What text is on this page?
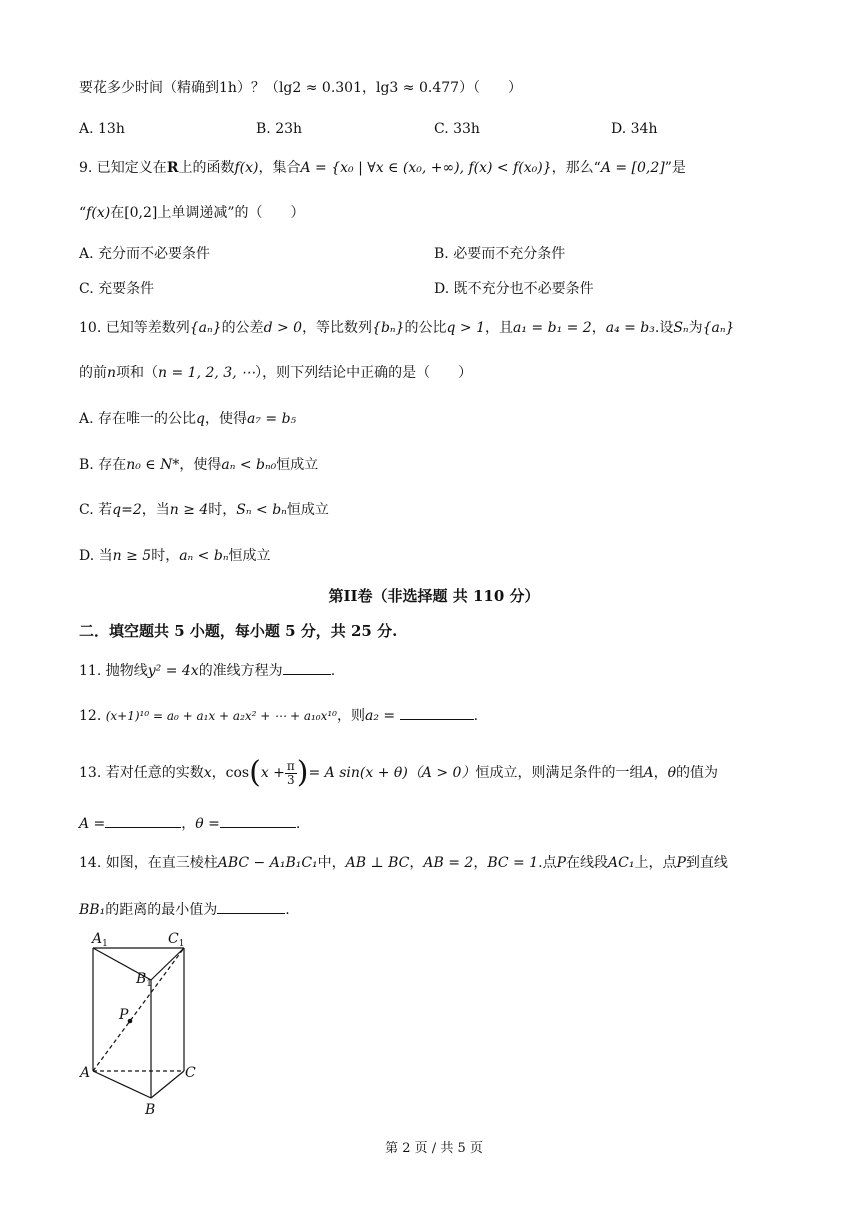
要花多少时间（精确到1h）？（lg2 ≈ 0.301，lg3 ≈ 0.477）（　　）
A. 13h	B. 23h	C. 33h	D. 34h
9. 已知定义在R上的函数f(x)，集合A = {x₀ | ∀x ∈ (x₀, +∞), f(x) < f(x₀)}，那么“A = [0,2]”是
“f(x)在[0,2]上单调递减”的（　　）
A. 充分而不必要条件	B. 必要而不充分条件
C. 充要条件	D. 既不充分也不必要条件
10. 已知等差数列{aₙ}的公差d > 0，等比数列{bₙ}的公比q > 1，且a₁ = b₁ = 2，a₄ = b₃.设Sₙ为{aₙ}
的前n项和（n = 1, 2, 3, ⋯），则下列结论中正确的是（　　）
A. 存在唯一的公比q，使得a₇ = b₅
B. 存在n₀ ∈ N*，使得aₙ < bₙ₀恒成立
C. 若q=2，当n ≥ 4时，Sₙ < bₙ恒成立
D. 当n ≥ 5时，aₙ < bₙ恒成立
第II卷（非选择题 共 110 分）
二．填空题共 5 小题，每小题 5 分，共 25 分.
11. 抛物线y² = 4x的准线方程为	.
12. (x+1)¹⁰ = a₀ + a₁x + a₂x² + ⋯ + a₁₀x¹⁰，则a₂ =	.
13. 若对任意的实数x，$\cos(x + \frac{\pi}{3}$ )= A sin(x + θ)（A > 0）恒成立，则满足条件的一组A，θ的值为
A =	，θ =	.
14. 如图，在直三棱柱ABC − A₁B₁C₁中，AB ⊥ BC，AB = 2，BC = 1.点P在线段AC₁上，点P到直线
BB₁的距离的最小值为	.
$A_1$	$C_1$
$B_1$
P
A	C
B
第 2 页 / 共 5 页
